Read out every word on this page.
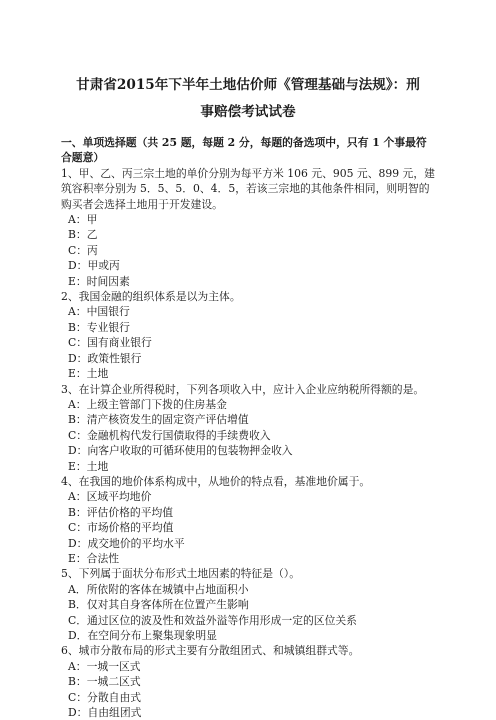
甘肃省2015年下半年土地估价师《管理基础与法规》：刑

事赔偿考试试卷

一、单项选择题（共 25 题，每题 2 分，每题的备选项中，只有 1 个事最符合题意）

1、甲、乙、丙三宗土地的单价分别为每平方米 106 元、905 元、899 元，建筑容积率分别为 5．5、5．0、4．5，若该三宗地的其他条件相同，则明智的购买者会选择土地用于开发建设。

A：甲

B：乙

C：丙

D：甲或丙

E：时间因素

2、我国金融的组织体系是以为主体。

A：中国银行

B：专业银行

C：国有商业银行

D：政策性银行

E：土地

3、在计算企业所得税时，下列各项收入中，应计入企业应纳税所得额的是。

A：上级主管部门下拨的住房基金

B：清产核资发生的固定资产评估增值

C：金融机构代发行国债取得的手续费收入

D：向客户收取的可循环使用的包装物押金收入

E：土地

4、在我国的地价体系构成中，从地价的特点看，基准地价属于。

A：区域平均地价

B：评估价格的平均值

C：市场价格的平均值

D：成交地价的平均水平

E：合法性

5、下列属于面状分布形式土地因素的特征是（）。

A．所依附的客体在城镇中占地面积小

B．仅对其自身客体所在位置产生影响

C．通过区位的波及性和效益外溢等作用形成一定的区位关系

D．在空间分布上聚集现象明显

6、城市分散布局的形式主要有分散组团式、和城镇组群式等。

A：一城一区式

B：一城二区式

C：分散自由式

D：自由组团式
